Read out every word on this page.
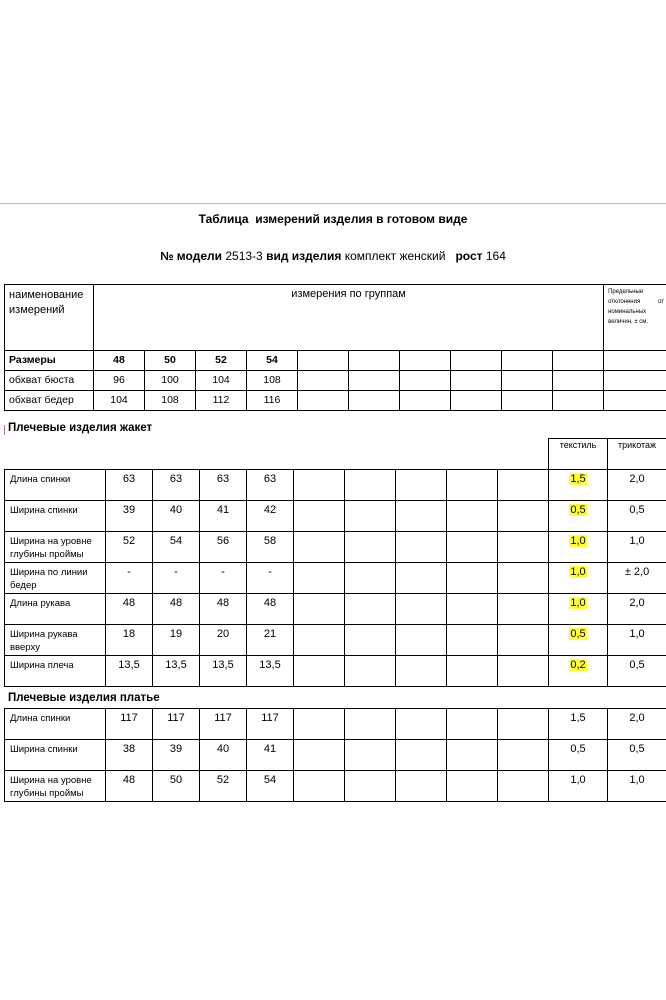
Таблица  измерений изделия в готовом виде
№ модели 2513-3 вид изделия комплект женский рост 164
наименование измерений	измерения по группам										Предельные отклонения от номинальных величин, ± см.
Размеры	48	50	52	54							
обхват бюста	96	100	104	108							
обхват бедер	104	108	112	116							
Плечевые изделия жакет
										текстиль	трикотаж
Длина спинки	63	63	63	63						1,5	2,0
Ширина спинки	39	40	41	42						0,5	0,5
Ширина на уровне глубины проймы	52	54	56	58						1,0	1,0
Ширина по линии бедер	-	-	-	-						1,0	± 2,0
Длина рукава	48	48	48	48						1,0	2,0
Ширина рукава вверху	18	19	20	21						0,5	1,0
Ширина плеча	13,5	13,5	13,5	13,5						0,2	0,5
Плечевые изделия платье
Длина спинки	117	117	117	117						1,5	2,0
Ширина спинки	38	39	40	41						0,5	0,5
Ширина на уровне глубины проймы	48	50	52	54						1,0	1,0
